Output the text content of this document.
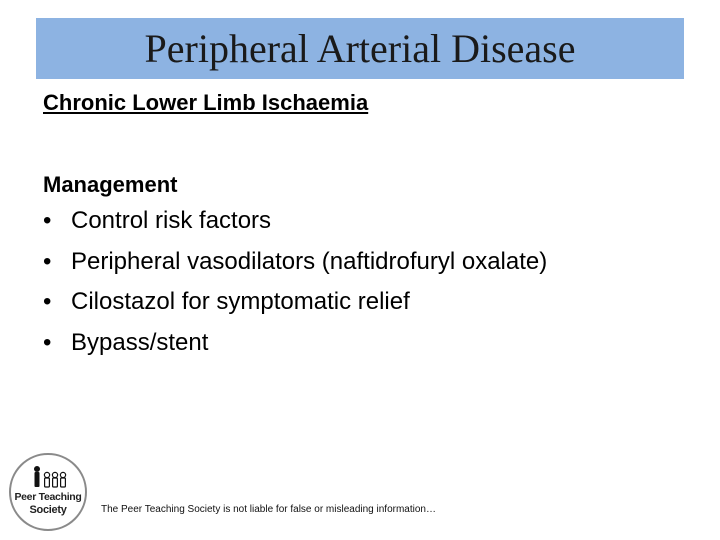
Peripheral Arterial Disease
Chronic Lower Limb Ischaemia
Management
• Control risk factors
• Peripheral vasodilators (naftidrofuryl oxalate)
• Cilostazol for symptomatic relief
• Bypass/stent
Peer Teaching
Society	The Peer Teaching Society is not liable for false or misleading information…
